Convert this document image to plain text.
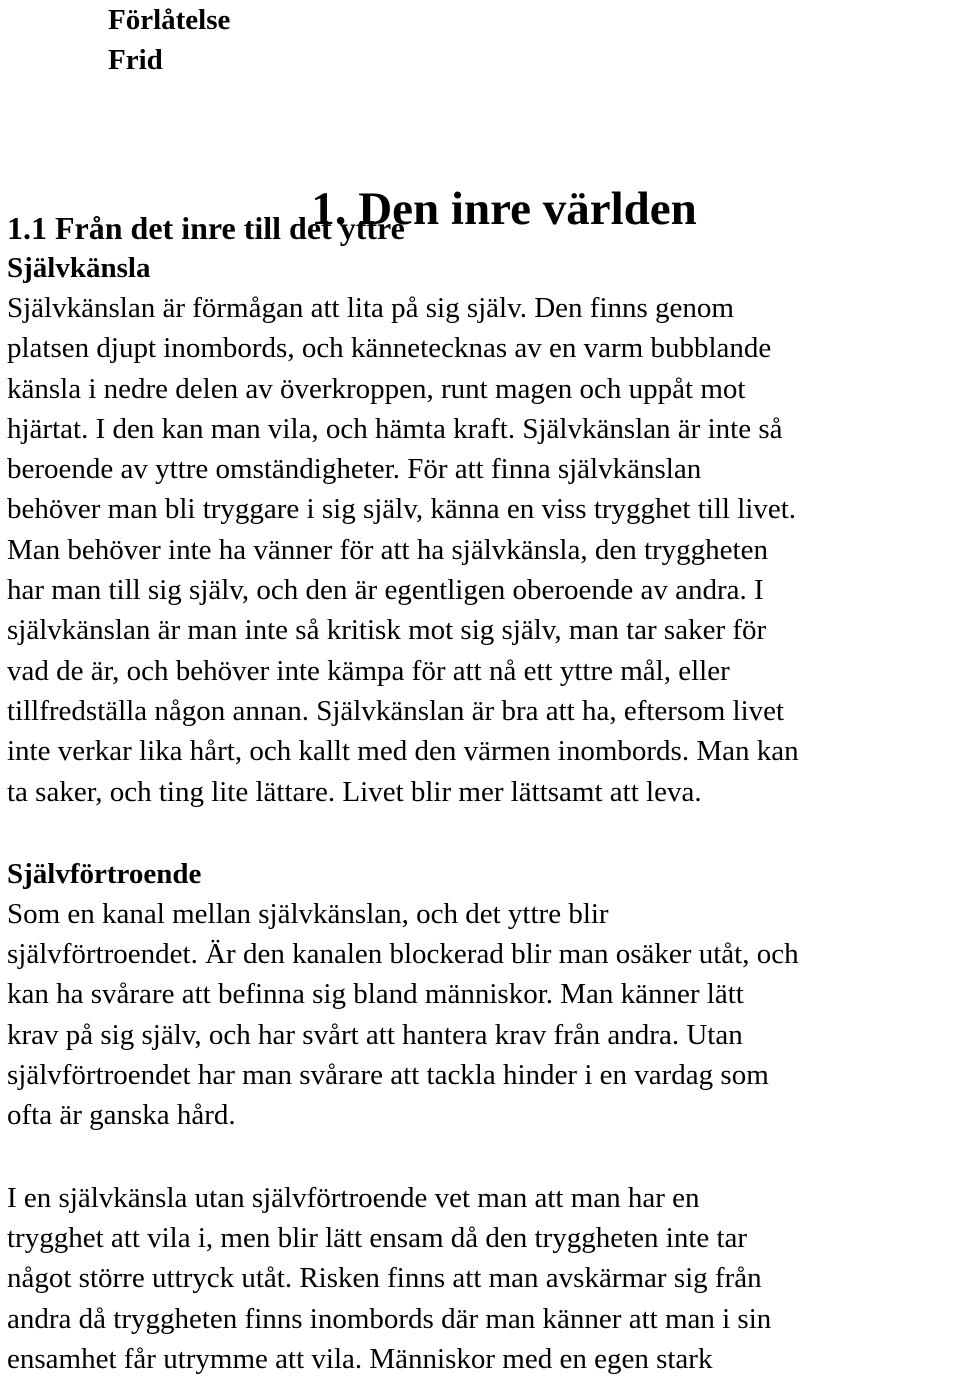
Förlåtelse
Frid
1. Den inre världen
1.1 Från det inre till det yttre
Självkänsla

Självkänslan är förmågan att lita på sig själv. Den finns genom
platsen djupt inombords, och kännetecknas av en varm bubblande
känsla i nedre delen av överkroppen, runt magen och uppåt mot
hjärtat. I den kan man vila, och hämta kraft. Självkänslan är inte så
beroende av yttre omständigheter. För att finna självkänslan
behöver man bli tryggare i sig själv, känna en viss trygghet till livet.
Man behöver inte ha vänner för att ha självkänsla, den tryggheten
har man till sig själv, och den är egentligen oberoende av andra. I
självkänslan är man inte så kritisk mot sig själv, man tar saker för
vad de är, och behöver inte kämpa för att nå ett yttre mål, eller
tillfredställa någon annan. Självkänslan är bra att ha, eftersom livet
inte verkar lika hårt, och kallt med den värmen inombords. Man kan
ta saker, och ting lite lättare. Livet blir mer lättsamt att leva.

Självförtroende

Som en kanal mellan självkänslan, och det yttre blir
självförtroendet. Är den kanalen blockerad blir man osäker utåt, och
kan ha svårare att befinna sig bland människor. Man känner lätt
krav på sig själv, och har svårt att hantera krav från andra. Utan
självförtroendet har man svårare att tackla hinder i en vardag som
ofta är ganska hård.

I en självkänsla utan självförtroende vet man att man har en
trygghet att vila i, men blir lätt ensam då den tryggheten inte tar
något större uttryck utåt. Risken finns att man avskärmar sig från
andra då tryggheten finns inombords där man känner att man i sin
ensamhet får utrymme att vila. Människor med en egen stark
